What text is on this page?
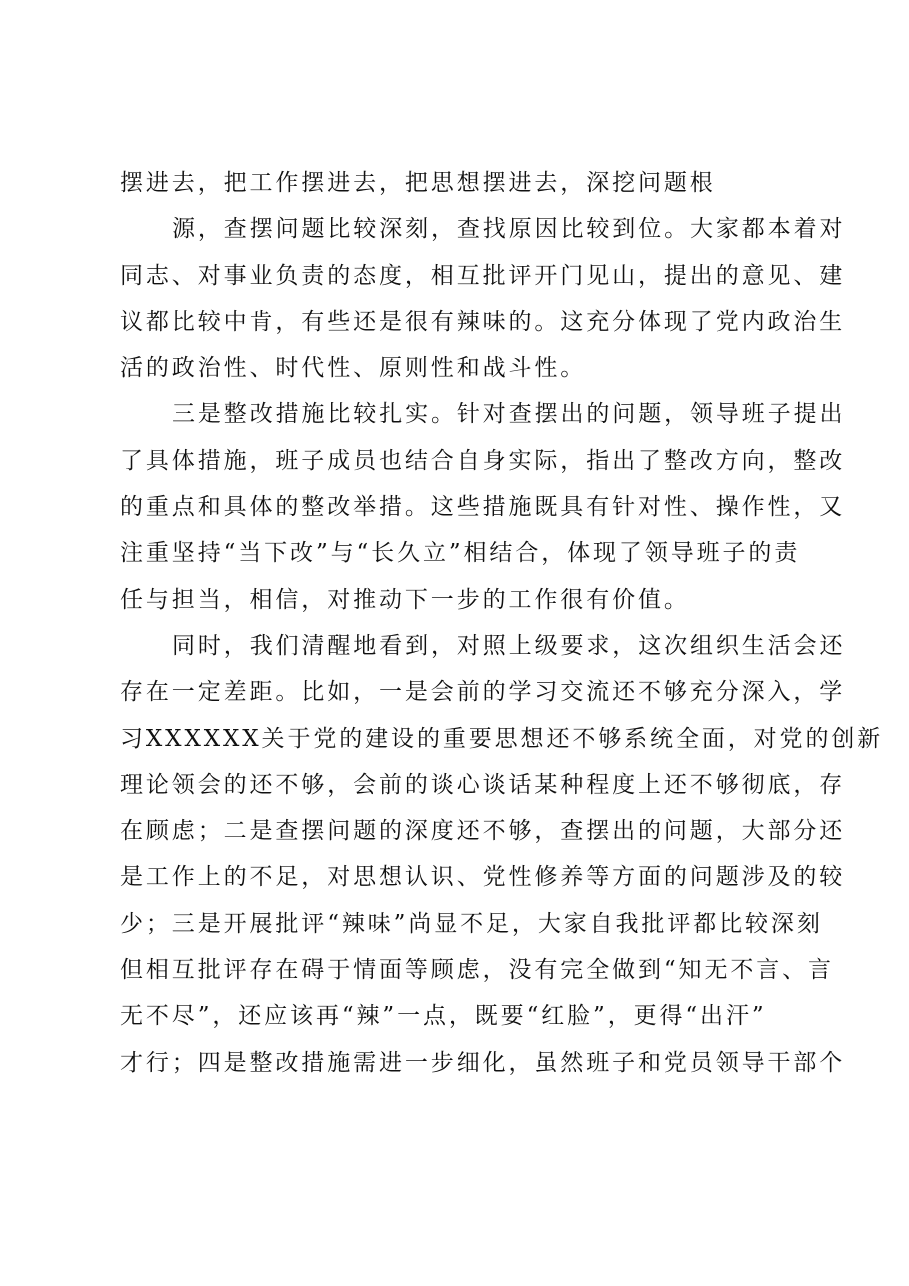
摆进去，把工作摆进去，把思想摆进去，深挖问题根
源，查摆问题比较深刻，查找原因比较到位。大家都本着对
同志、对事业负责的态度，相互批评开门见山，提出的意见、建
议都比较中肯，有些还是很有辣味的。这充分体现了党内政治生
活的政治性、时代性、原则性和战斗性。
三是整改措施比较扎实。针对查摆出的问题，领导班子提出
了具体措施，班子成员也结合自身实际，指出了整改方向，整改
的重点和具体的整改举措。这些措施既具有针对性、操作性，又
注重坚持“当下改”与“长久立”相结合，体现了领导班子的责
任与担当，相信，对推动下一步的工作很有价值。
同时，我们清醒地看到，对照上级要求，这次组织生活会还
存在一定差距。比如，一是会前的学习交流还不够充分深入，学
习XXXXXX关于党的建设的重要思想还不够系统全面，对党的创新
理论领会的还不够，会前的谈心谈话某种程度上还不够彻底，存
在顾虑；二是查摆问题的深度还不够，查摆出的问题，大部分还
是工作上的不足，对思想认识、党性修养等方面的问题涉及的较
少；三是开展批评“辣味”尚显不足，大家自我批评都比较深刻
但相互批评存在碍于情面等顾虑，没有完全做到“知无不言、言
无不尽”，还应该再“辣”一点，既要“红脸”，更得“出汗”
才行；四是整改措施需进一步细化，虽然班子和党员领导干部个
